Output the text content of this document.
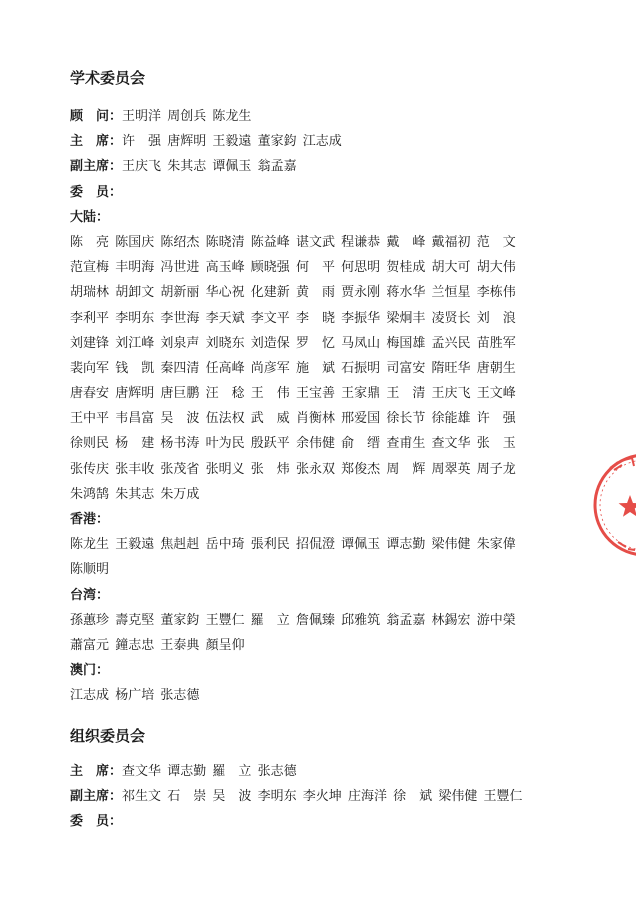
学术委员会
顾　问： 王明洋 周创兵 陈龙生
主　席： 许　强 唐辉明 王毅遠 董家鈞 江志成
副主席： 王庆飞 朱其志 谭佩玉 翁孟嘉
委　员：
大陆：
陈　亮 陈国庆 陈绍杰 陈晓清 陈益峰 谌文武 程谦恭 戴　峰 戴福初 范　文
范宣梅 丰明海 冯世进 高玉峰 顾晓强 何　平 何思明 贺桂成 胡大可 胡大伟
胡瑞林 胡卸文 胡新丽 华心祝 化建新 黄　雨 贾永刚 蒋水华 兰恒星 李栋伟
李利平 李明东 李世海 李天斌 李文平 李　晓 李振华 梁炯丰 凌贤长 刘　浪
刘建锋 刘江峰 刘泉声 刘晓东 刘造保 罗　忆 马凤山 梅国雄 孟兴民 苗胜军
裴向军 钱　凯 秦四清 任高峰 尚彦军 施　斌 石振明 司富安 隋旺华 唐朝生
唐春安 唐辉明 唐巨鹏 汪　稔 王　伟 王宝善 王家鼎 王　清 王庆飞 王文峰
王中平 韦昌富 吴　波 伍法权 武　威 肖衡林 邢爱国 徐长节 徐能雄 许　强
徐则民 杨　建 杨书涛 叶为民 殷跃平 余伟健 俞　缙 查甫生 查文华 张　玉
张传庆 张丰收 张茂省 张明义 张　炜 张永双 郑俊杰 周　辉 周翠英 周子龙
朱鸿鹄 朱其志 朱万成
香港：
陈龙生 王毅遠 焦赳赳 岳中琦 張利民 招侃澄 谭佩玉 谭志勤 梁伟健 朱家偉
陈顺明
台湾：
孫蕙珍 壽克堅 董家鈞 王豐仁 羅　立 詹佩臻 邱雅筑 翁孟嘉 林錫宏 游中榮
蕭富元 鐘志忠 王泰典 顏呈仰
澳门：
江志成 杨广培 张志德
组织委员会
主　席： 查文华 谭志勤 羅　立 张志德
副主席： 祁生文 石　崇 吴　波 李明东 李火坤 庄海洋 徐　斌 梁伟健 王豐仁
委　员：
